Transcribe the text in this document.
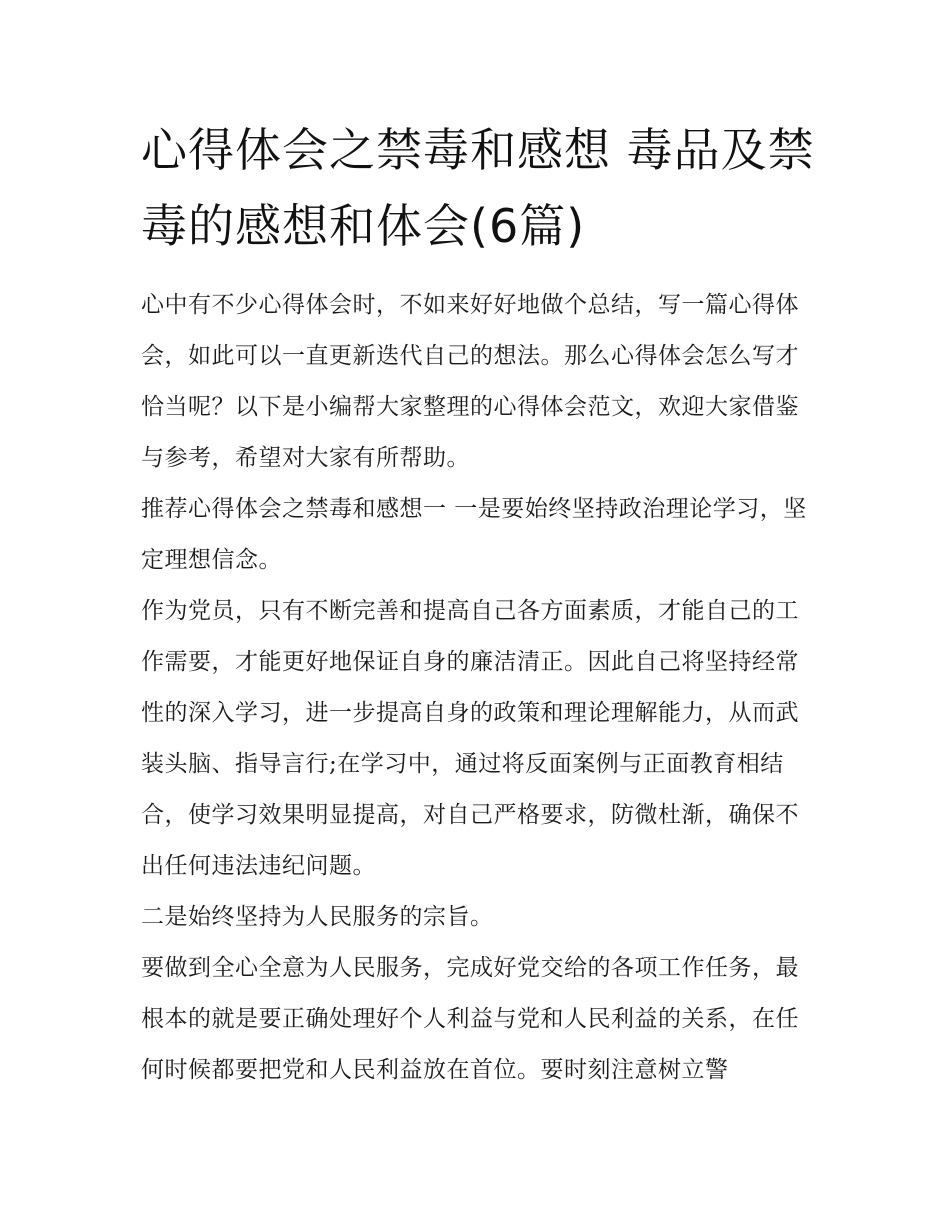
心得体会之禁毒和感想 毒品及禁毒的感想和体会(6篇)

心中有不少心得体会时，不如来好好地做个总结，写一篇心得体会，如此可以一直更新迭代自己的想法。那么心得体会怎么写才恰当呢？以下是小编帮大家整理的心得体会范文，欢迎大家借鉴与参考，希望对大家有所帮助。

推荐心得体会之禁毒和感想一 一是要始终坚持政治理论学习，坚定理想信念。

作为党员，只有不断完善和提高自己各方面素质，才能自己的工作需要，才能更好地保证自身的廉洁清正。因此自己将坚持经常性的深入学习，进一步提高自身的政策和理论理解能力，从而武装头脑、指导言行;在学习中，通过将反面案例与正面教育相结合，使学习效果明显提高，对自己严格要求，防微杜渐，确保不出任何违法违纪问题。

二是始终坚持为人民服务的宗旨。

要做到全心全意为人民服务，完成好党交给的各项工作任务，最根本的就是要正确处理好个人利益与党和人民利益的关系，在任何时候都要把党和人民利益放在首位。要时刻注意树立警
